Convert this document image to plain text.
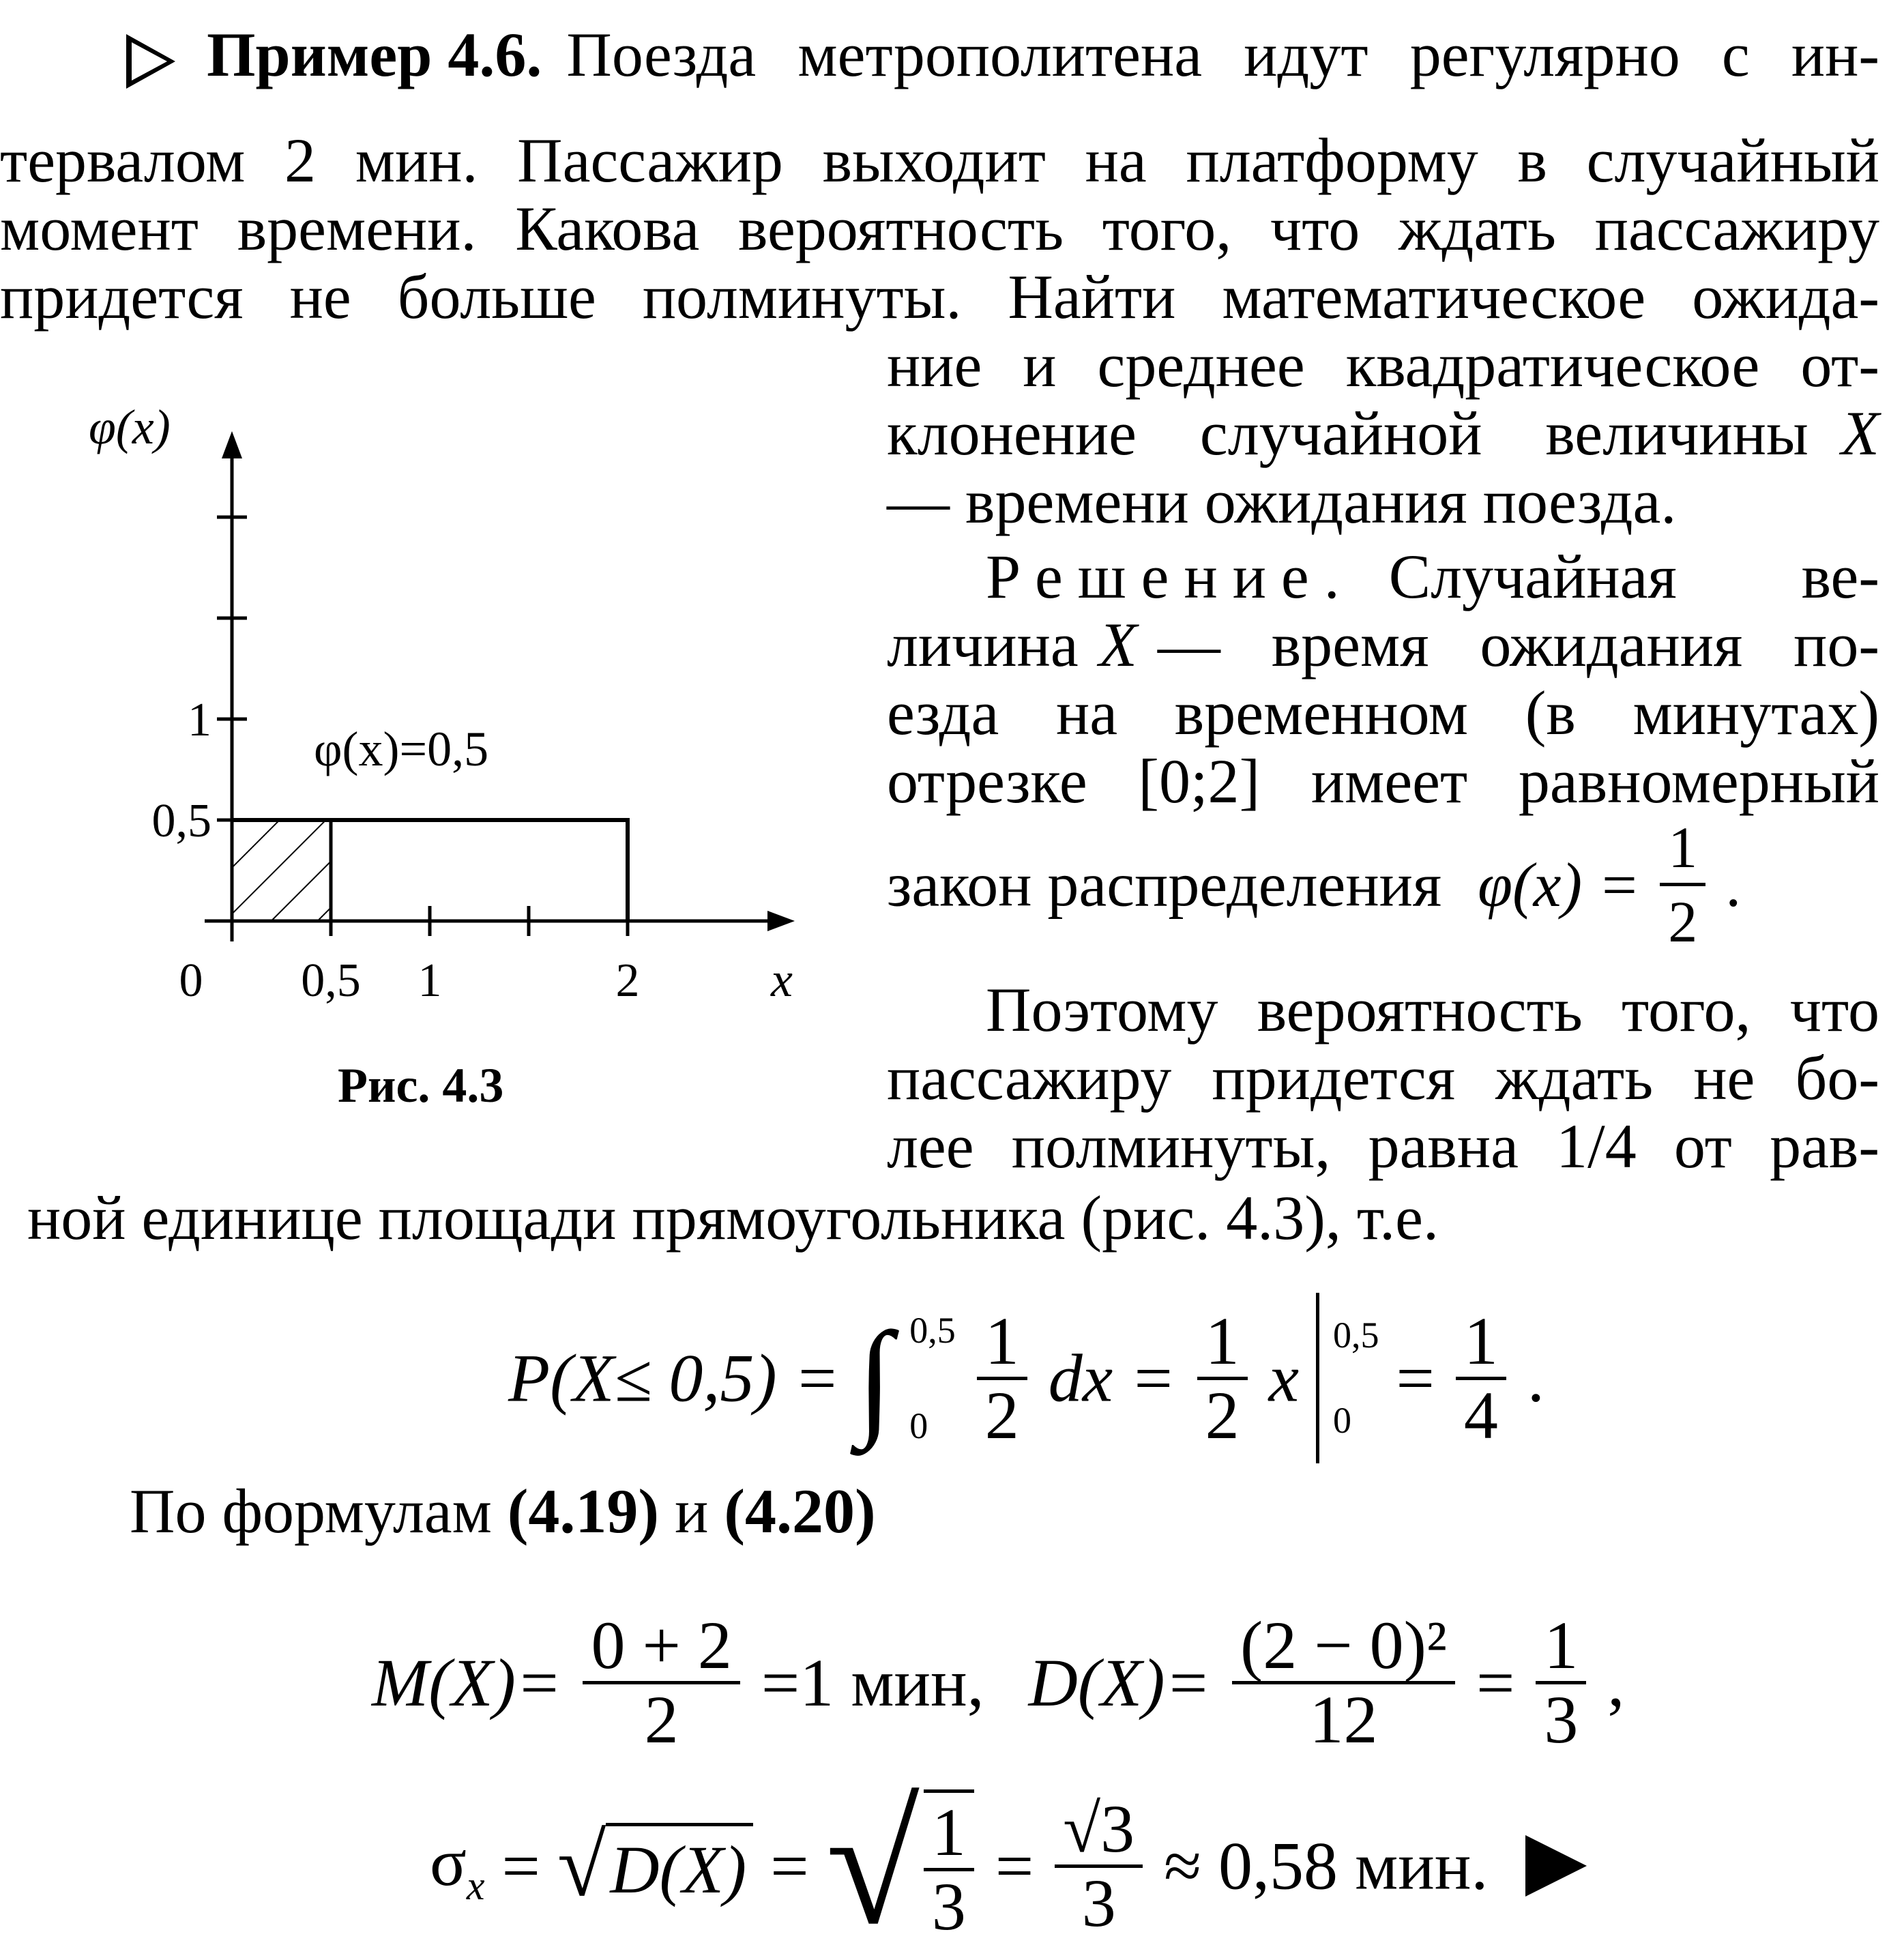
Пример 4.6. Поезда метрополитена идут регулярно с ин-
тервалом 2 мин. Пассажир выходит на платформу в случайный
момент времени. Какова вероятность того, что ждать пассажиру
придется не больше полминуты. Найти математическое ожида-
ние и среднее квадратическое от-
клонение случайной величины X
— времени ожидания поезда.
Решение. Случайная ве-
личина X — время ожидания по-
езда на временном (в минутах)
отрезке [0;2] имеет равномерный
закон распределения $\varphi(x) = \frac{1}{2}$ .
Поэтому вероятность того, что
пассажиру придется ждать не бо-
лее полминуты, равна 1/4 от рав-
ной единице площади прямоугольника (рис. 4.3), т.е.
0 0,5 1	2
0,5
1
φ(x)
x
φ(x)=0,5
Рис. 4.3
P(X≤ 0,5) = ∫ 0,5
0
$\frac{1}{2}$ dx = $\frac{1}{2}$ x
0,5
0
= $\frac{1}{4}$ .
По формулам (4.19) и (4.20)
$M(X)= \frac{0 + 2}{2} =1$ мин, $D(X)= \frac{\text{(2 − 0)²}}{12} = \frac{1}{3}$ ,
$\sigma_x = √D(X)$ = √ $\frac{1}{3} = \frac{√3}{3} \approx 0,58$ мин.
